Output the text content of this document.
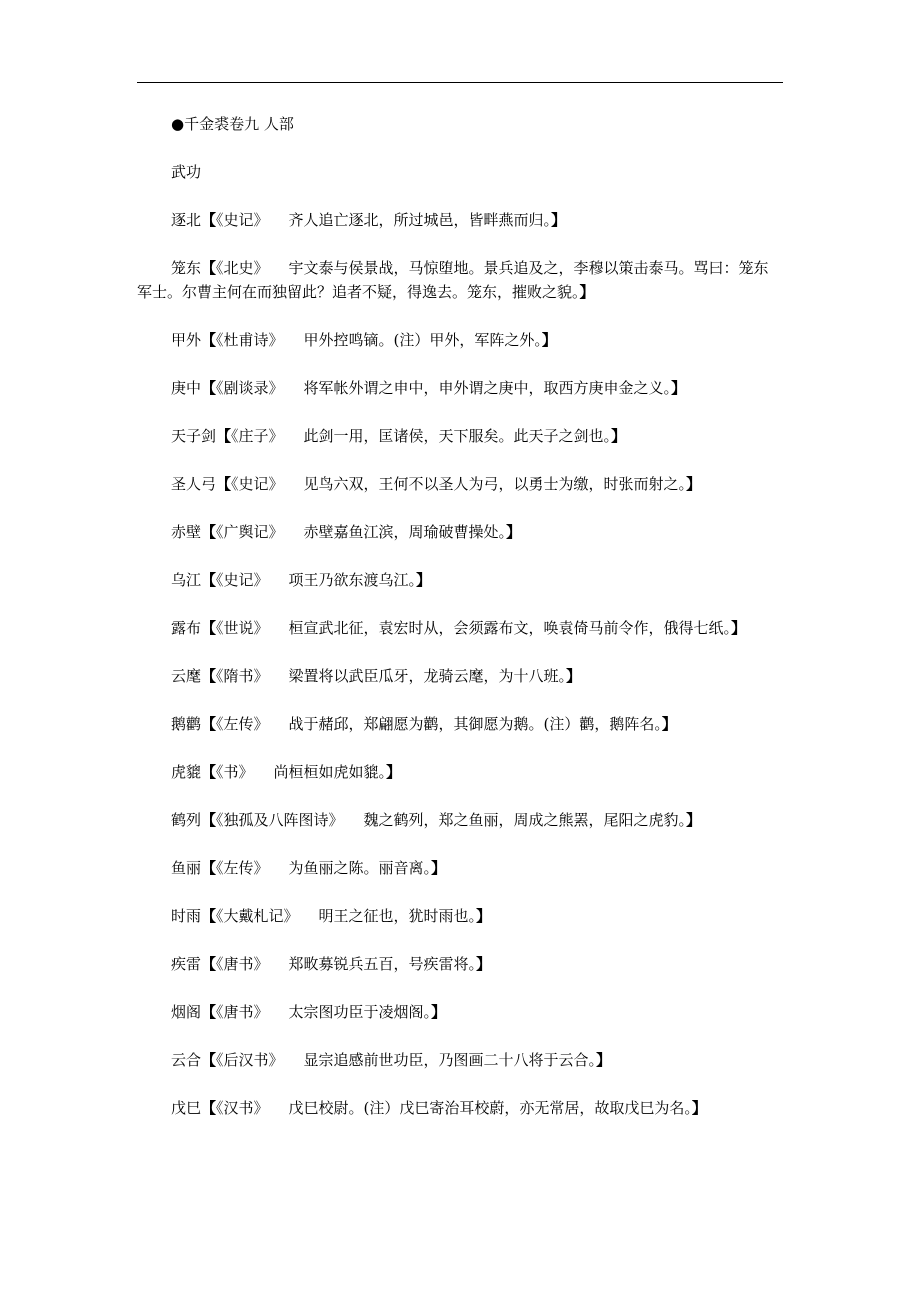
●千金裘卷九 人部

武功

逐北【《史记》 齐人追亡逐北，所过城邑，皆畔燕而归。】

笼东【《北史》 宇文泰与侯景战，马惊堕地。景兵追及之，李穆以策击泰马。骂曰：笼东军士。尔曹主何在而独留此？追者不疑，得逸去。笼东，摧败之貌。】

甲外【《杜甫诗》 甲外控鸣镝。(注）甲外，军阵之外。】

庚中【《剧谈录》 将军帐外谓之申中，申外谓之庚中，取西方庚申金之义。】

天子剑【《庄子》 此剑一用，匡诸侯，天下服矣。此天子之剑也。】

圣人弓【《史记》 见鸟六双，王何不以圣人为弓，以勇士为缴，时张而射之。】

赤壁【《广舆记》 赤壁嘉鱼江滨，周瑜破曹操处。】

乌江【《史记》 项王乃欲东渡乌江。】

露布【《世说》 桓宣武北征，袁宏时从，会须露布文，唤袁倚马前令作，俄得七纸。】

云麾【《隋书》 梁置将以武臣瓜牙，龙骑云麾，为十八班。】

鹅鹳【《左传》 战于赭邱，郑翩愿为鹳，其御愿为鹅。(注）鹳，鹅阵名。】

虎貔【《书》 尚桓桓如虎如貔。】

鹤列【《独孤及八阵图诗》 魏之鹤列，郑之鱼丽，周成之熊罴，尾阳之虎豹。】

鱼丽【《左传》 为鱼丽之陈。丽音离。】

时雨【《大戴札记》 明王之征也，犹时雨也。】

疾雷【《唐书》 郑畋募锐兵五百，号疾雷将。】

烟阁【《唐书》 太宗图功臣于凌烟阁。】

云合【《后汉书》 显宗追感前世功臣，乃图画二十八将于云合。】

戊巳【《汉书》 戊巳校尉。(注）戊巳寄治耳校蔚，亦无常居，故取戊巳为名。】
